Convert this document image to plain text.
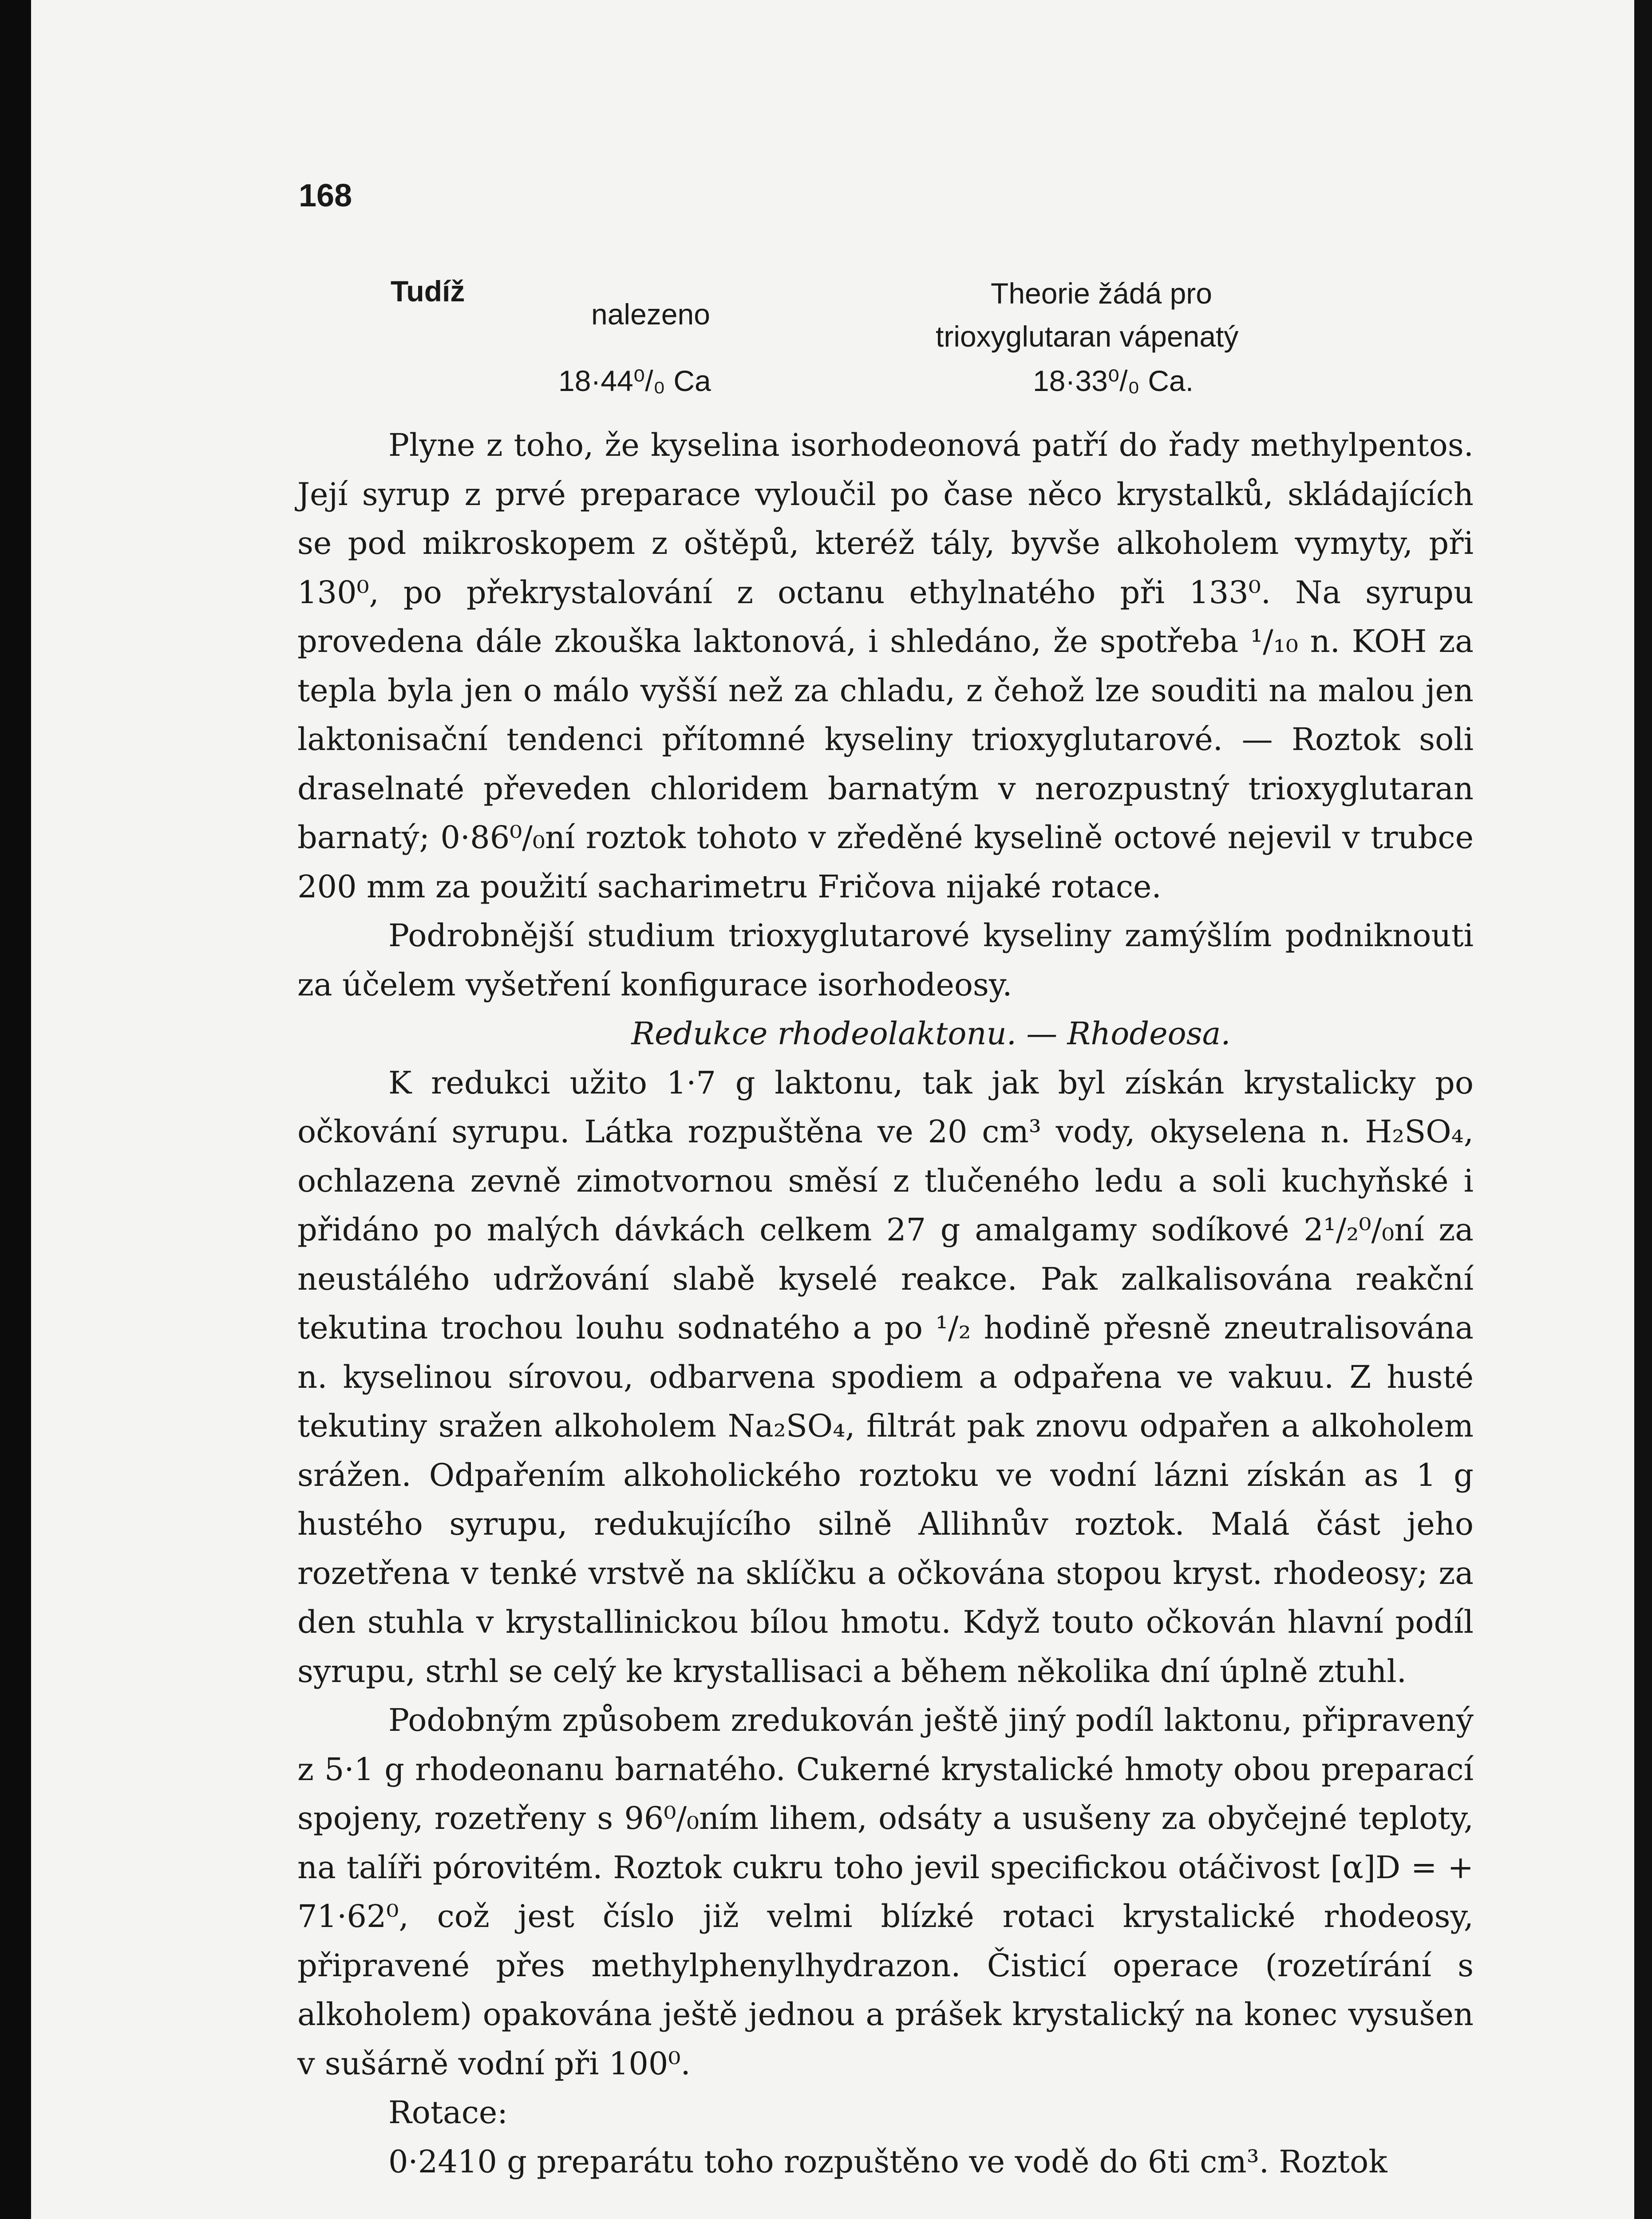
168
Tudíž
nalezeno
Theorie žádá pro
trioxyglutaran vápenatý
18·44⁰/₀ Ca	18·33⁰/₀ Ca.

Plyne z toho, že kyselina isorhodeonová patří do řady methylpentos. Její syrup z prvé preparace vyloučil po čase něco krystalků, skládajících se pod mikroskopem z oštěpů, kteréž tály, byvše alkoholem vymyty, při 130⁰, po překrystalování z octanu ethylnatého při 133⁰. Na syrupu provedena dále zkouška laktonová, i shledáno, že spotřeba ¹/₁₀ n. KOH za tepla byla jen o málo vyšší než za chladu, z čehož lze souditi na malou jen laktonisační tendenci přítomné kyseliny trioxyglutarové. — Roztok soli draselnaté převeden chloridem barnatým v nerozpustný trioxyglutaran barnatý; 0·86⁰/₀ní roztok tohoto v zředěné kyselině octové nejevil v trubce 200 mm za použití sacharimetru Fričova nijaké rotace.

Podrobnější studium trioxyglutarové kyseliny zamýšlím podniknouti za účelem vyšetření konfigurace isorhodeosy.

Redukce rhodeolaktonu. — Rhodeosa.

K redukci užito 1·7 g laktonu, tak jak byl získán krystalicky po očkování syrupu. Látka rozpuštěna ve 20 cm³ vody, okyselena n. H₂SO₄, ochlazena zevně zimotvornou směsí z tlučeného ledu a soli kuchyňské i přidáno po malých dávkách celkem 27 g amalgamy sodíkové 2¹/₂⁰/₀ní za neustálého udržování slabě kyselé reakce. Pak zalkalisována reakční tekutina trochou louhu sodnatého a po ¹/₂ hodině přesně zneutralisována n. kyselinou sírovou, odbarvena spodiem a odpařena ve vakuu. Z husté tekutiny sražen alkoholem Na₂SO₄, filtrát pak znovu odpařen a alkoholem srážen. Odpařením alkoholického roztoku ve vodní lázni získán as 1 g hustého syrupu, redukujícího silně Allihnův roztok. Malá část jeho rozetřena v tenké vrstvě na sklíčku a očkována stopou kryst. rhodeosy; za den stuhla v krystallinickou bílou hmotu. Když touto očkován hlavní podíl syrupu, strhl se celý ke krystallisaci a během několika dní úplně ztuhl.

Podobným způsobem zredukován ještě jiný podíl laktonu, připravený z 5·1 g rhodeonanu barnatého. Cukerné krystalické hmoty obou preparací spojeny, rozetřeny s 96⁰/₀ním lihem, odsáty a usušeny za obyčejné teploty, na talíři pórovitém. Roztok cukru toho jevil specifickou otáčivost [α]D = + 71·62⁰, což jest číslo již velmi blízké rotaci krystalické rhodeosy, připravené přes methylphenylhydrazon. Čisticí operace (rozetírání s alkoholem) opakována ještě jednou a prášek krystalický na konec vysušen v sušárně vodní při 100⁰.

Rotace:

0·2410 g preparátu toho rozpuštěno ve vodě do 6ti cm³. Roztok
